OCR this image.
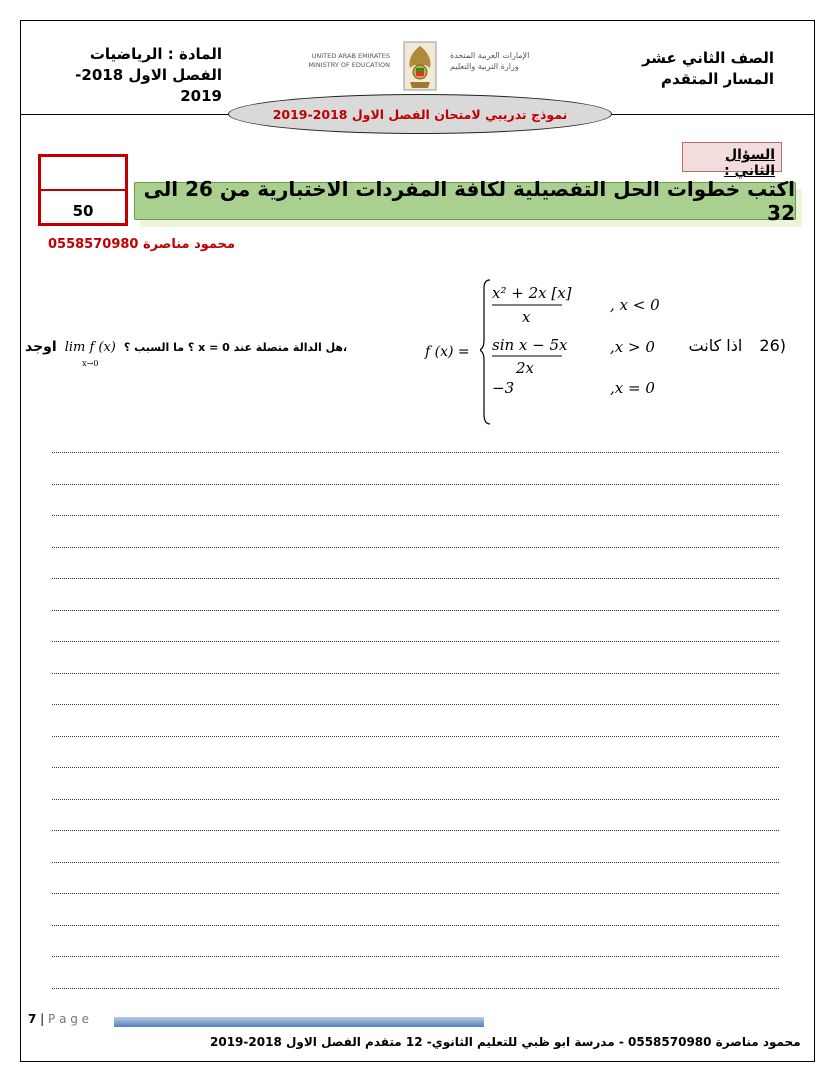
الصف الثاني عشر
المسار المتقدم
المادة : الرياضيات
الفصل الاول 2018-2019
UNITED ARAB EMIRATES
MINISTRY OF EDUCATION
الإمارات العربية المتحدة
وزارة التربية والتعليم
نموذج تدريبي لامتحان الفصل الاول 2018-2019
السؤال الثاني :
50
اكتب خطوات الحل التفصيلية لكافة المفردات الاختبارية من 26 الى 32
محمود مناصرة 0558570980
x² + 2x [x]
x
, x < 0
sin x − 5x
2x
,x > 0
−3	,x = 0
(26 اذا كانت
f (x) =
،هل الدالة متصلة عند x = 0 ؟ ما السبب ؟
lim f (x)
x→0
اوجد
7 | P a g e
محمود مناصرة 0558570980 - مدرسة ابو ظبي للتعليم الثانوي- 12 متقدم الفصل الاول 2018-2019
